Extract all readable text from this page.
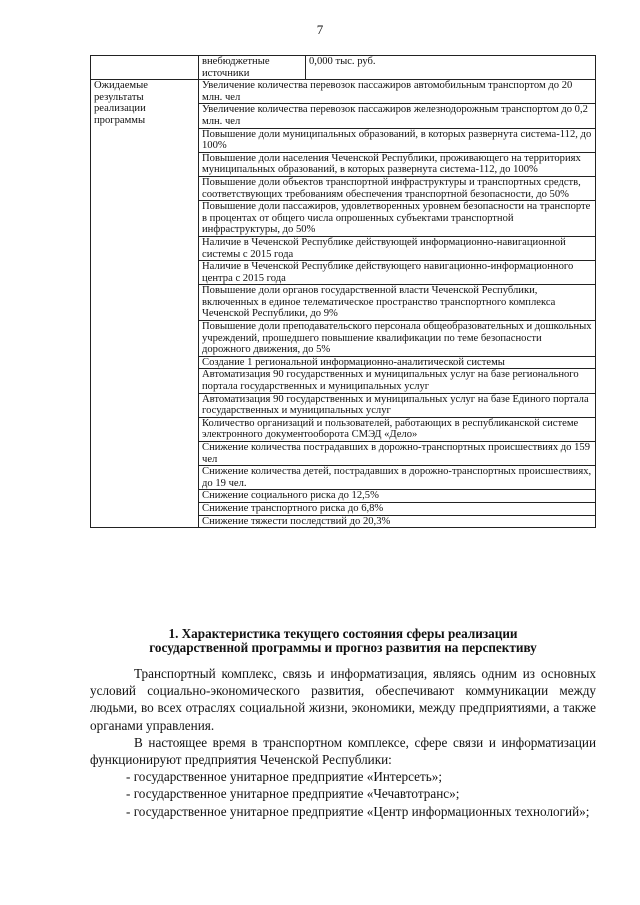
7
	внебюджетные источники	0,000 тыс. руб.

Ожидаемые
результаты
реализации
программы	Увеличение количества перевозок пассажиров автомобильным транспортом до 20 млн. чел	
	Увеличение количества перевозок пассажиров железнодорожным транспортом до 0,2 млн. чел	
	Повышение доли муниципальных образований, в которых развернута система-112, до 100%	
	Повышение доли населения Чеченской Республики, проживающего на территориях муниципальных образований, в которых развернута система-112, до 100%	
	Повышение доли объектов транспортной инфраструктуры и транспортных средств, соответствующих требованиям обеспечения транспортной безопасности, до 50%	
	Повышение доли пассажиров, удовлетворенных уровнем безопасности на транспорте в процентах от общего числа опрошенных субъектами транспортной инфраструктуры, до 50%	
	Наличие в Чеченской Республике действующей информационно-навигационной системы с 2015 года	
	Наличие в Чеченской Республике действующего навигационно-информационного центра с 2015 года	
	Повышение доли органов государственной власти Чеченской Республики, включенных в единое телематическое пространство транспортного комплекса Чеченской Республики, до 9%	
	Повышение доли преподавательского персонала общеобразовательных и дошкольных учреждений, прошедшего повышение квалификации по теме безопасности дорожного движения, до 5%	
	Создание 1 региональной информационно-аналитической системы	
	Автоматизация 90 государственных и муниципальных услуг на базе регионального портала государственных и муниципальных услуг	
	Автоматизация 90 государственных и муниципальных услуг на базе Единого портала государственных и муниципальных услуг	
	Количество организаций и пользователей, работающих в республиканской системе электронного документооборота СМЭД «Дело»	
	Снижение количества пострадавших в дорожно-транспортных происшествиях до 159 чел	
	Снижение количества детей, пострадавших в дорожно-транспортных происшествиях, до 19 чел.	
	Снижение социального риска до 12,5%	
	Снижение транспортного риска до 6,8%	
	Снижение тяжести последствий до 20,3%	
1. Характеристика текущего состояния сферы реализации
государственной программы и прогноз развития на перспективу

Транспортный комплекс, связь и информатизация, являясь одним из основных условий социально-экономического развития, обеспечивают коммуникации между людьми, во всех отраслях социальной жизни, экономики, между предприятиями, а также органами управления.

В настоящее время в транспортном комплексе, сфере связи и информатизации функционируют предприятия Чеченской Республики:

- государственное унитарное предприятие «Интерсеть»;

- государственное унитарное предприятие «Чечавтотранс»;

- государственное унитарное предприятие «Центр информационных технологий»;
